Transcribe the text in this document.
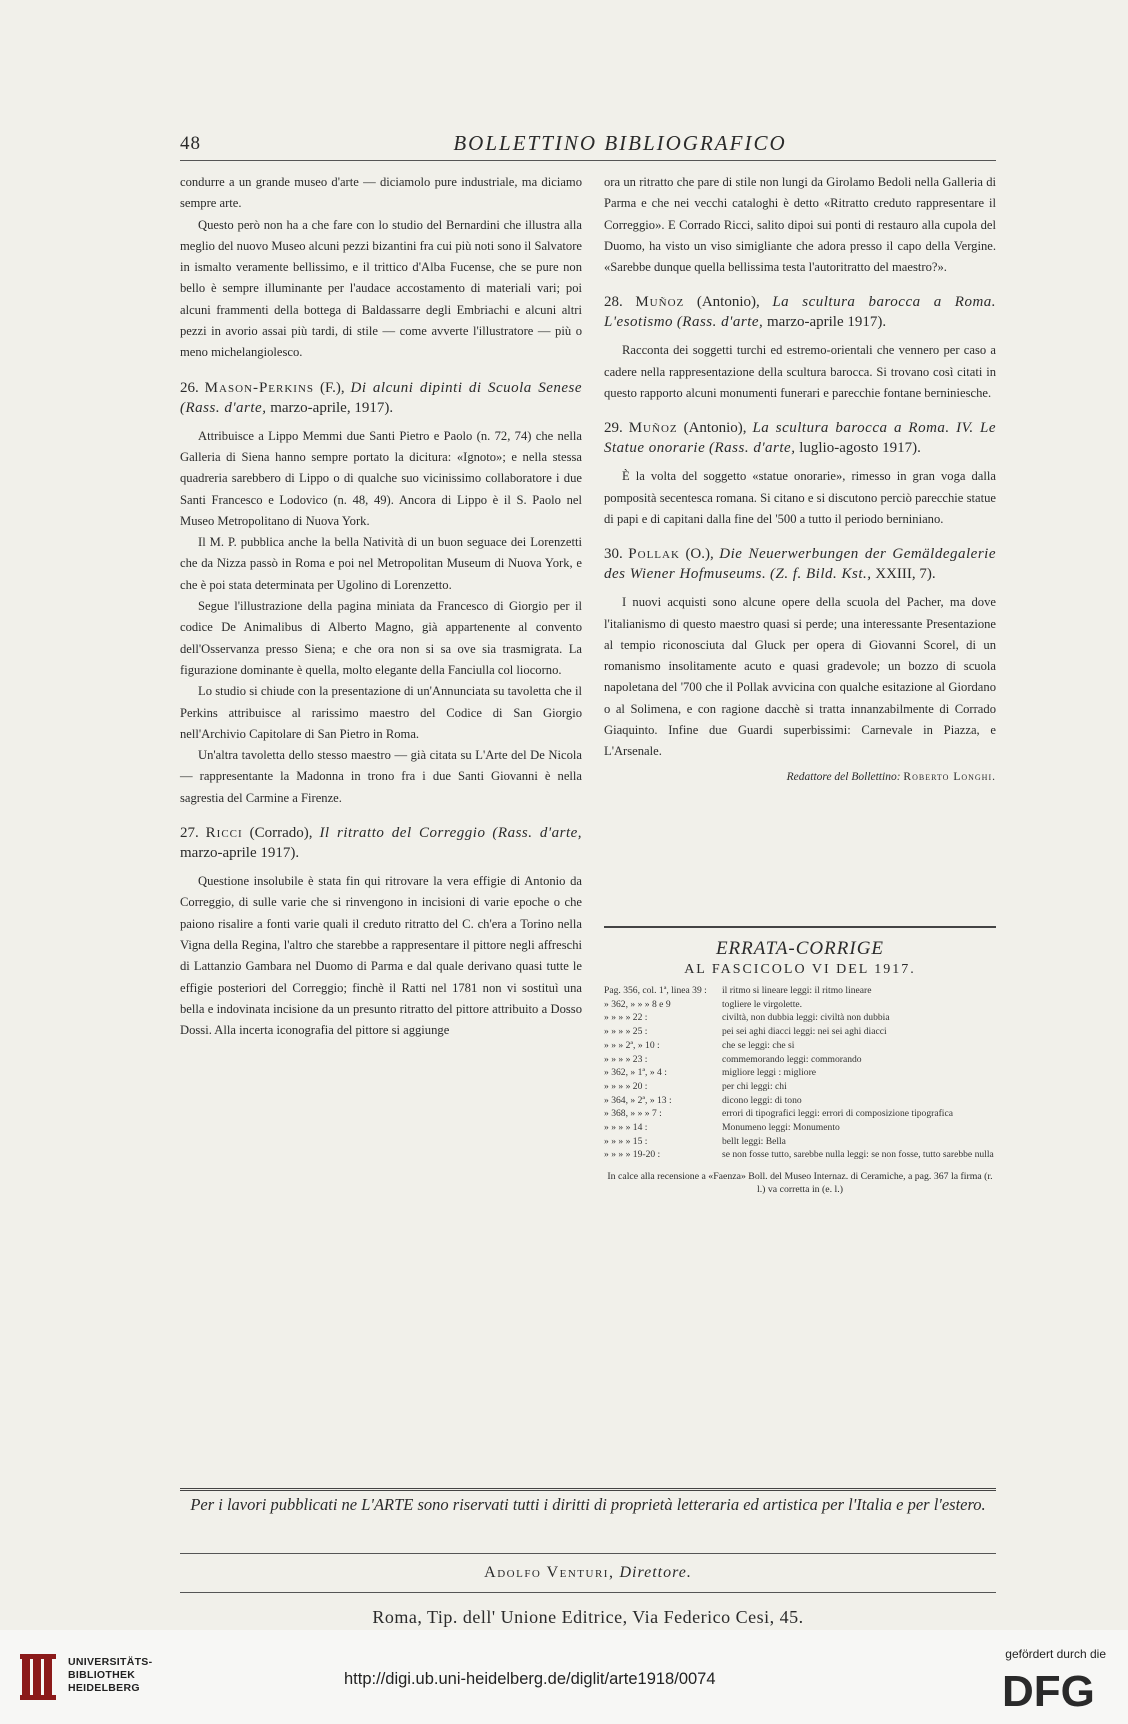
48	BOLLETTINO BIBLIOGRAFICO

condurre a un grande museo d'arte — diciamolo pure industriale, ma diciamo sempre arte.

Questo però non ha a che fare con lo studio del Bernardini che illustra alla meglio del nuovo Museo alcuni pezzi bizantini fra cui più noti sono il Salvatore in ismalto veramente bellissimo, e il trittico d'Alba Fucense, che se pure non bello è sempre illuminante per l'audace accostamento di materiali vari; poi alcuni frammenti della bottega di Baldassarre degli Embriachi e alcuni altri pezzi in avorio assai più tardi, di stile — come avverte l'illustratore — più o meno michelangiolesco.

26. Mason-Perkins (F.), Di alcuni dipinti di Scuola Senese (Rass. d'arte, marzo-aprile, 1917).

Attribuisce a Lippo Memmi due Santi Pietro e Paolo (n. 72, 74) che nella Galleria di Siena hanno sempre portato la dicitura: «Ignoto»; e nella stessa quadreria sarebbero di Lippo o di qualche suo vicinissimo collaboratore i due Santi Francesco e Lodovico (n. 48, 49). Ancora di Lippo è il S. Paolo nel Museo Metropolitano di Nuova York.

Il M. P. pubblica anche la bella Natività di un buon seguace dei Lorenzetti che da Nizza passò in Roma e poi nel Metropolitan Museum di Nuova York, e che è poi stata determinata per Ugolino di Lorenzetto.

Segue l'illustrazione della pagina miniata da Francesco di Giorgio per il codice De Animalibus di Alberto Magno, già appartenente al convento dell'Osservanza presso Siena; e che ora non si sa ove sia trasmigrata. La figurazione dominante è quella, molto elegante della Fanciulla col liocorno.

Lo studio si chiude con la presentazione di un'Annunciata su tavoletta che il Perkins attribuisce al rarissimo maestro del Codice di San Giorgio nell'Archivio Capitolare di San Pietro in Roma.

Un'altra tavoletta dello stesso maestro — già citata su L'Arte del De Nicola — rappresentante la Madonna in trono fra i due Santi Giovanni è nella sagrestia del Carmine a Firenze.

27. Ricci (Corrado), Il ritratto del Correggio (Rass. d'arte, marzo-aprile 1917).

Questione insolubile è stata fin qui ritrovare la vera effigie di Antonio da Correggio, di sulle varie che si rinvengono in incisioni di varie epoche o che paiono risalire a fonti varie quali il creduto ritratto del C. ch'era a Torino nella Vigna della Regina, l'altro che starebbe a rappresentare il pittore negli affreschi di Lattanzio Gambara nel Duomo di Parma e dal quale derivano quasi tutte le effigie posteriori del Correggio; finchè il Ratti nel 1781 non vi sostituì una bella e indovinata incisione da un presunto ritratto del pittore attribuito a Dosso Dossi. Alla incerta iconografia del pittore si aggiunge

ora un ritratto che pare di stile non lungi da Girolamo Bedoli nella Galleria di Parma e che nei vecchi cataloghi è detto «Ritratto creduto rappresentare il Correggio». E Corrado Ricci, salito dipoi sui ponti di restauro alla cupola del Duomo, ha visto un viso simigliante che adora presso il capo della Vergine. «Sarebbe dunque quella bellissima testa l'autoritratto del maestro?».

28. Muñoz (Antonio), La scultura barocca a Roma. L'esotismo (Rass. d'arte, marzo-aprile 1917).

Racconta dei soggetti turchi ed estremo-orientali che vennero per caso a cadere nella rappresentazione della scultura barocca. Si trovano così citati in questo rapporto alcuni monumenti funerari e parecchie fontane berniniesche.

29. Muñoz (Antonio), La scultura barocca a Roma. IV. Le Statue onorarie (Rass. d'arte, luglio-agosto 1917).

È la volta del soggetto «statue onorarie», rimesso in gran voga dalla pomposità secentesca romana. Si citano e si discutono perciò parecchie statue di papi e di capitani dalla fine del '500 a tutto il periodo berniniano.

30. Pollak (O.), Die Neuerwerbungen der Gemäldegalerie des Wiener Hofmuseums. (Z. f. Bild. Kst., XXIII, 7).

I nuovi acquisti sono alcune opere della scuola del Pacher, ma dove l'italianismo di questo maestro quasi si perde; una interessante Presentazione al tempio riconosciuta dal Gluck per opera di Giovanni Scorel, di un romanismo insolitamente acuto e quasi gradevole; un bozzo di scuola napoletana del '700 che il Pollak avvicina con qualche esitazione al Giordano o al Solimena, e con ragione dacchè si tratta innanzabilmente di Corrado Giaquinto. Infine due Guardi superbissimi: Carnevale in Piazza, e L'Arsenale.

Redattore del Bollettino: Roberto Longhi.
ERRATA-CORRIGE
AL FASCICOLO VI DEL 1917.
Pag. 356, col. 1ª, linea 39 :	il ritmo si lineare leggi: il ritmo lineare
» 362, » » » 8 e 9	togliere le virgolette.
» » » » 22 :	civiltà, non dubbia leggi: civiltà non dubbia
» » » » 25 :	pei sei aghi diacci leggi: nei sei aghi diacci
» » » 2ª, » 10 :	che se leggi: che si
» » » » 23 :	commemorando leggi: commorando
» 362, » 1ª, » 4 :	migliore leggi : migliore
» » » » 20 :	per chi leggi: chi
» 364, » 2ª, » 13 :	dicono leggi: di tono
» 368, » » » 7 :	errori di tipografici leggi: errori di composizione tipografica
» » » » 14 :	Monumeno leggi: Monumento
» » » » 15 :	bellt leggi: Bella
» » » » 19-20 :	se non fosse tutto, sarebbe nulla leggi: se non fosse, tutto sarebbe nulla
In calce alla recensione a «Faenza» Boll. del Museo Internaz. di Ceramiche, a pag. 367 la firma (r. l.) va corretta in (e. l.)
Per i lavori pubblicati ne L'ARTE sono riservati tutti i diritti di proprietà letteraria ed artistica per l'Italia e per l'estero.
Adolfo Venturi, Direttore.
Roma, Tip. dell' Unione Editrice, Via Federico Cesi, 45.
UNIVERSITÄTS-
BIBLIOTHEK
HEIDELBERG	http://digi.ub.uni-heidelberg.de/diglit/arte1918/0074
gefördert durch die
DFG
